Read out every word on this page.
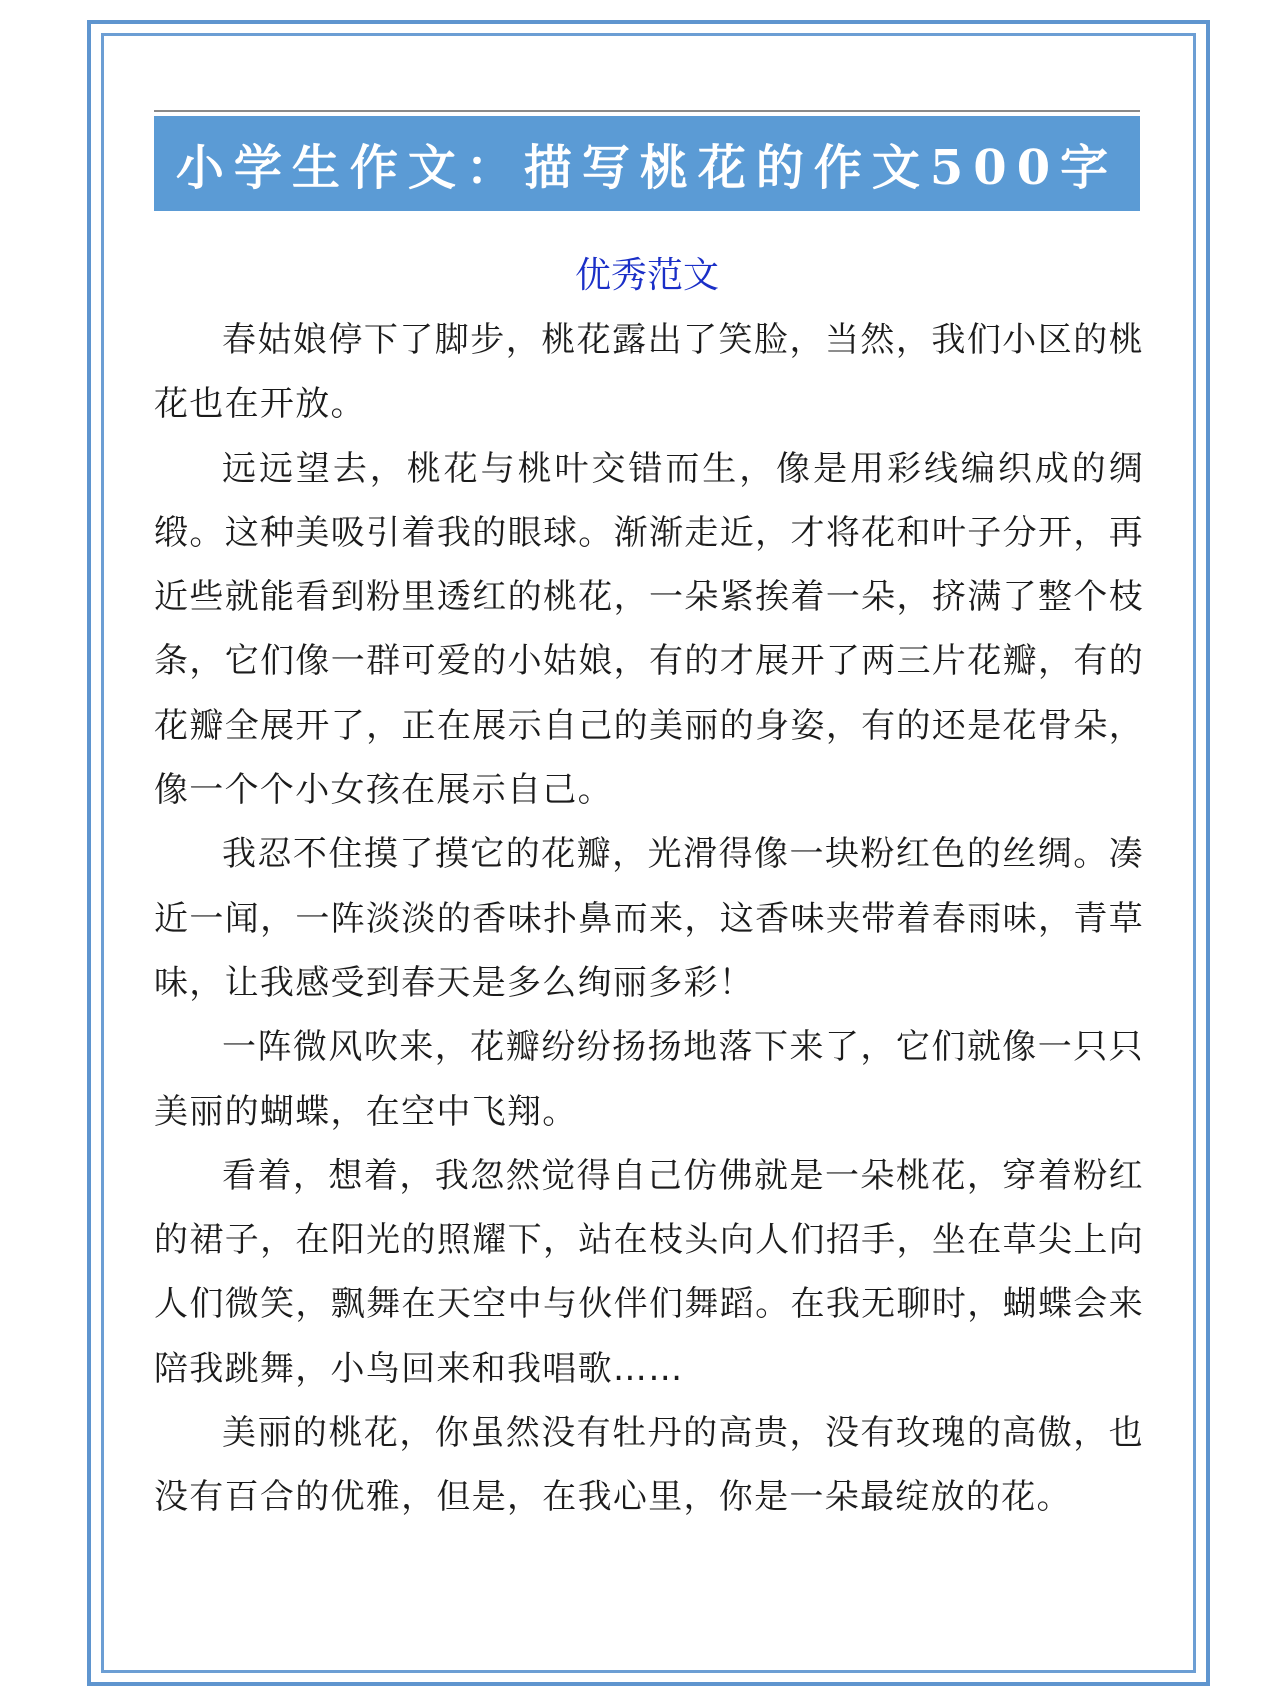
小学生作文：描写桃花的作文500字
优秀范文

春姑娘停下了脚步，桃花露出了笑脸，当然，我们小区的桃花也在开放。

远远望去，桃花与桃叶交错而生，像是用彩线编织成的绸缎。这种美吸引着我的眼球。渐渐走近，才将花和叶子分开，再近些就能看到粉里透红的桃花，一朵紧挨着一朵，挤满了整个枝条，它们像一群可爱的小姑娘，有的才展开了两三片花瓣，有的花瓣全展开了，正在展示自己的美丽的身姿，有的还是花骨朵，像一个个小女孩在展示自己。

我忍不住摸了摸它的花瓣，光滑得像一块粉红色的丝绸。凑近一闻，一阵淡淡的香味扑鼻而来，这香味夹带着春雨味，青草味，让我感受到春天是多么绚丽多彩！

一阵微风吹来，花瓣纷纷扬扬地落下来了，它们就像一只只美丽的蝴蝶，在空中飞翔。

看着，想着，我忽然觉得自己仿佛就是一朵桃花，穿着粉红的裙子，在阳光的照耀下，站在枝头向人们招手，坐在草尖上向人们微笑，飘舞在天空中与伙伴们舞蹈。在我无聊时，蝴蝶会来陪我跳舞，小鸟回来和我唱歌……

美丽的桃花，你虽然没有牡丹的高贵，没有玫瑰的高傲，也没有百合的优雅，但是，在我心里，你是一朵最绽放的花。
